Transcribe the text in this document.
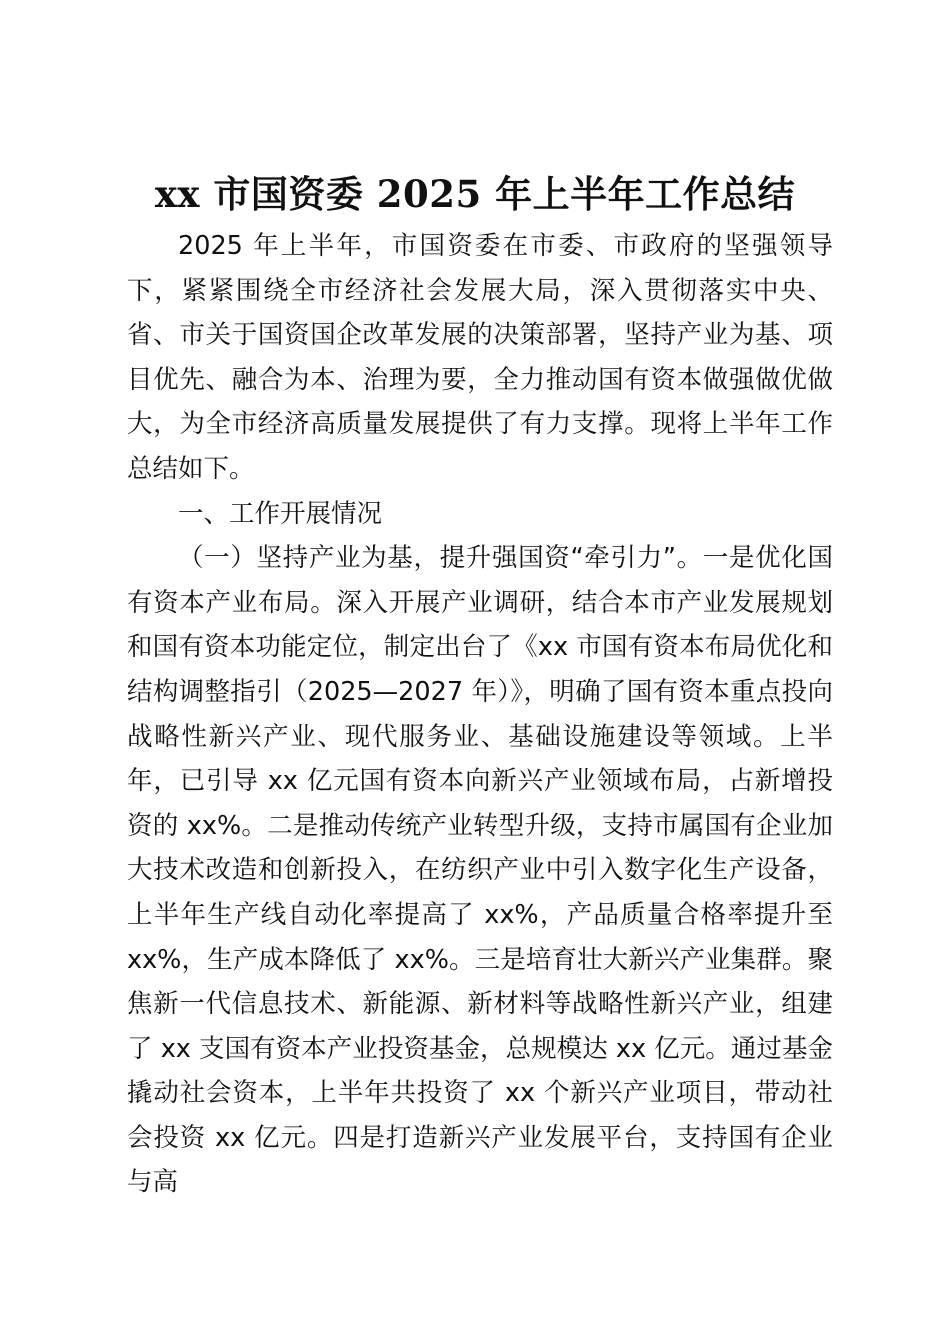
xx 市国资委 2025 年上半年工作总结

2025 年上半年，市国资委在市委、市政府的坚强领导下，紧紧围绕全市经济社会发展大局，深入贯彻落实中央、省、市关于国资国企改革发展的决策部署，坚持产业为基、项目优先、融合为本、治理为要，全力推动国有资本做强做优做大，为全市经济高质量发展提供了有力支撑。现将上半年工作总结如下。

一、工作开展情况

（一）坚持产业为基，提升强国资“牵引力”。一是优化国有资本产业布局。深入开展产业调研，结合本市产业发展规划和国有资本功能定位，制定出台了《xx 市国有资本布局优化和结构调整指引（2025—2027 年）》，明确了国有资本重点投向战略性新兴产业、现代服务业、基础设施建设等领域。上半年，已引导 xx 亿元国有资本向新兴产业领域布局，占新增投资的 xx%。二是推动传统产业转型升级，支持市属国有企业加大技术改造和创新投入，在纺织产业中引入数字化生产设备，上半年生产线自动化率提高了 xx%，产品质量合格率提升至 xx%，生产成本降低了 xx%。三是培育壮大新兴产业集群。聚焦新一代信息技术、新能源、新材料等战略性新兴产业，组建了 xx 支国有资本产业投资基金，总规模达 xx 亿元。通过基金撬动社会资本，上半年共投资了 xx 个新兴产业项目，带动社会投资 xx 亿元。四是打造新兴产业发展平台，支持国有企业与高
